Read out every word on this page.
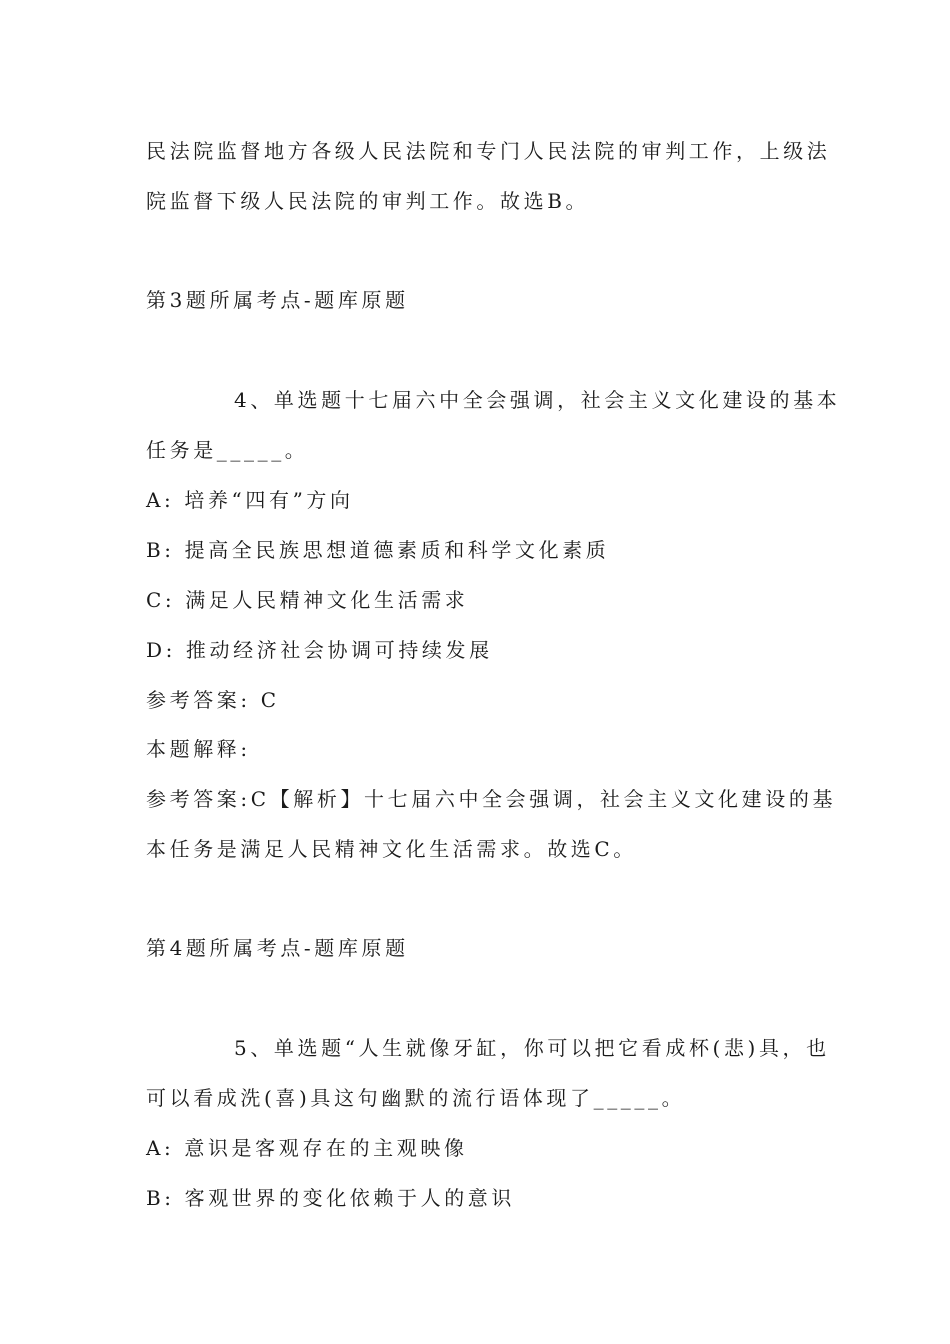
民法院监督地方各级人民法院和专门人民法院的审判工作，上级法
院监督下级人民法院的审判工作。故选B。
第3题所属考点-题库原题
4、单选题十七届六中全会强调，社会主义文化建设的基本
任务是_____。
A: 培养“四有”方向
B: 提高全民族思想道德素质和科学文化素质
C: 满足人民精神文化生活需求
D: 推动经济社会协调可持续发展
参考答案: C
本题解释:
参考答案:C【解析】十七届六中全会强调，社会主义文化建设的基
本任务是满足人民精神文化生活需求。故选C。
第4题所属考点-题库原题
5、单选题“人生就像牙缸，你可以把它看成杯(悲)具，也
可以看成洗(喜)具这句幽默的流行语体现了_____。
A: 意识是客观存在的主观映像
B: 客观世界的变化依赖于人的意识
